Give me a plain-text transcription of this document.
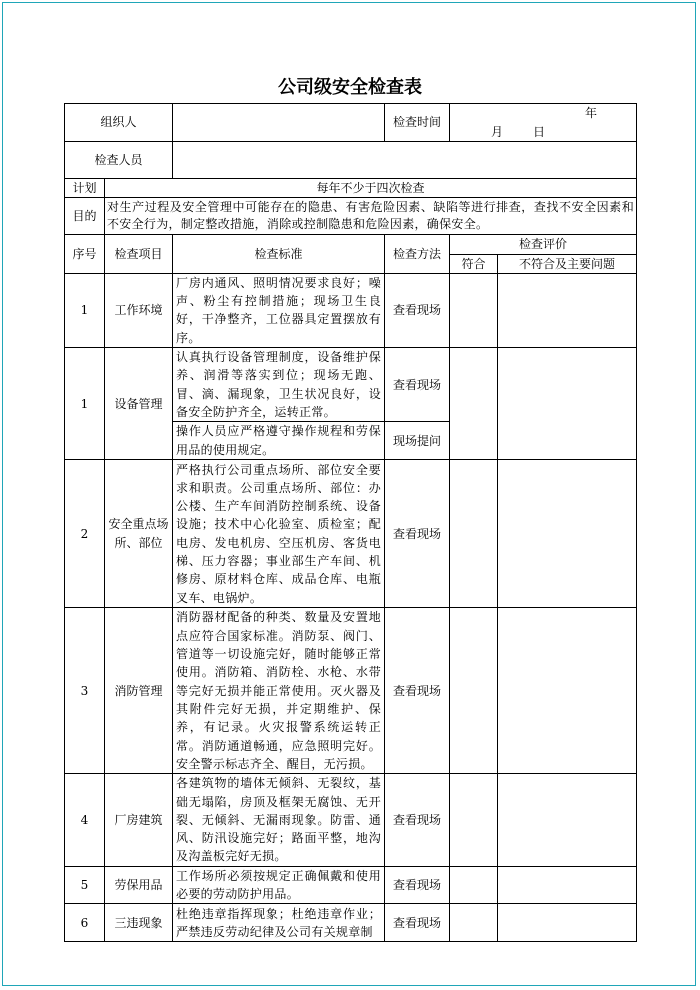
公司级安全检查表
组织人			检查时间	年月 日	
检查人员					
计划	每年不少于四次检查				
目的	对生产过程及安全管理中可能存在的隐患、有害危险因素、缺陷等进行排查，查找不安全因素和不安全行为，制定整改措施，消除或控制隐患和危险因素，确保安全。				
序号	检查项目	检查标准	检查方法	检查评价	
				符合	不符合及主要问题
1	工作环境	厂房内通风、照明情况要求良好；噪声、粉尘有控制措施；现场卫生良好，干净整齐，工位器具定置摆放有序。	查看现场		
1	设备管理	认真执行设备管理制度，设备维护保养、润滑等落实到位；现场无跑、冒、滴、漏现象，卫生状况良好，设备安全防护齐全，运转正常。	查看现场		
		操作人员应严格遵守操作规程和劳保用品的使用规定。	现场提问		
2	安全重点场所、部位	严格执行公司重点场所、部位安全要求和职责。公司重点场所、部位：办公楼、生产车间消防控制系统、设备设施；技术中心化验室、质检室；配电房、发电机房、空压机房、客货电梯、压力容器；事业部生产车间、机修房、原材料仓库、成品仓库、电瓶叉车、电锅炉。	查看现场		
3	消防管理	消防器材配备的种类、数量及安置地点应符合国家标准。消防泵、阀门、管道等一切设施完好，随时能够正常使用。消防箱、消防栓、水枪、水带等完好无损并能正常使用。灭火器及其附件完好无损，并定期维护、保养，有记录。火灾报警系统运转正常。消防通道畅通，应急照明完好。安全警示标志齐全、醒目，无污损。	查看现场		
4	厂房建筑	各建筑物的墙体无倾斜、无裂纹，基础无塌陷，房顶及框架无腐蚀、无开裂、无倾斜、无漏雨现象。防雷、通风、防汛设施完好；路面平整，地沟及沟盖板完好无损。	查看现场		
5	劳保用品	工作场所必须按规定正确佩戴和使用必要的劳动防护用品。	查看现场		
6	三违现象	杜绝违章指挥现象；杜绝违章作业；严禁违反劳动纪律及公司有关规章制	查看现场		
